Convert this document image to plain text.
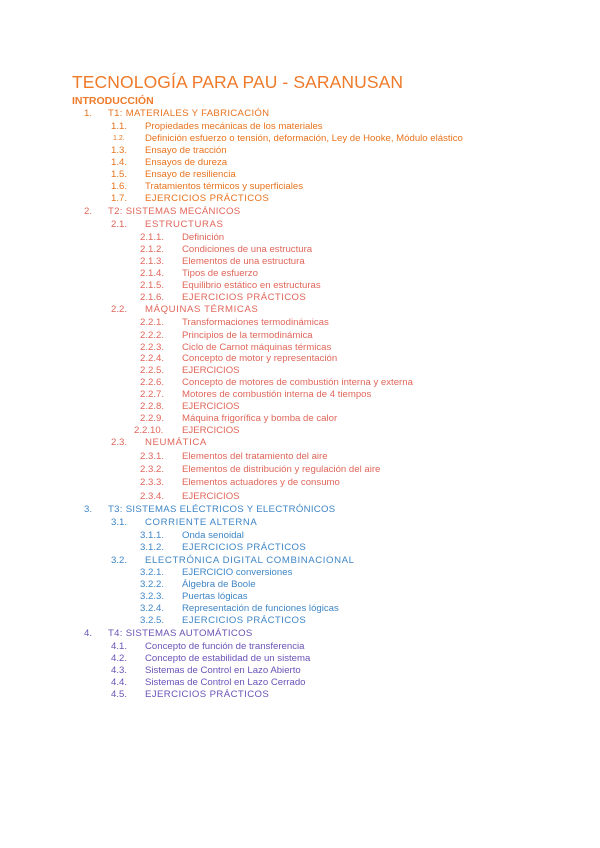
TECNOLOGÍA PARA PAU - SARANUSAN
INTRODUCCIÓN
1. T1: MATERIALES Y FABRICACIÓN
1.1. Propiedades mecánicas de los materiales
1.2. Definición esfuerzo o tensión, deformación, Ley de Hooke, Módulo elástico
1.3. Ensayo de tracción
1.4. Ensayos de dureza
1.5. Ensayo de resiliencia
1.6. Tratamientos térmicos y superficiales
1.7. EJERCICIOS PRÁCTICOS
2. T2: SISTEMAS MECÁNICOS
2.1. ESTRUCTURAS
2.1.1. Definición
2.1.2. Condiciones de una estructura
2.1.3. Elementos de una estructura
2.1.4. Tipos de esfuerzo
2.1.5. Equilibrio estático en estructuras
2.1.6. EJERCICIOS PRÁCTICOS
2.2. MÁQUINAS TÉRMICAS
2.2.1. Transformaciones termodinámicas
2.2.2. Principios de la termodinámica
2.2.3. Ciclo de Carnot máquinas térmicas
2.2.4. Concepto de motor y representación
2.2.5. EJERCICIOS
2.2.6. Concepto de motores de combustión interna y externa
2.2.7. Motores de combustión interna de 4 tiempos
2.2.8. EJERCICIOS
2.2.9. Máquina frigorífica y bomba de calor
2.2.10. EJERCICIOS
2.3. NEUMÁTICA
2.3.1. Elementos del tratamiento del aire
2.3.2. Elementos de distribución y regulación del aire
2.3.3. Elementos actuadores y de consumo
2.3.4. EJERCICIOS
3. T3: SISTEMAS ELÉCTRICOS Y ELECTRÓNICOS
3.1. CORRIENTE ALTERNA
3.1.1. Onda senoidal
3.1.2. EJERCICIOS PRÁCTICOS
3.2. ELECTRÓNICA DIGITAL COMBINACIONAL
3.2.1. EJERCICIO conversiones
3.2.2. Álgebra de Boole
3.2.3. Puertas lógicas
3.2.4. Representación de funciones lógicas
3.2.5. EJERCICIOS PRÁCTICOS
4. T4: SISTEMAS AUTOMÁTICOS
4.1. Concepto de función de transferencia
4.2. Concepto de estabilidad de un sistema
4.3. Sistemas de Control en Lazo Abierto
4.4. Sistemas de Control en Lazo Cerrado
4.5. EJERCICIOS PRÁCTICOS
